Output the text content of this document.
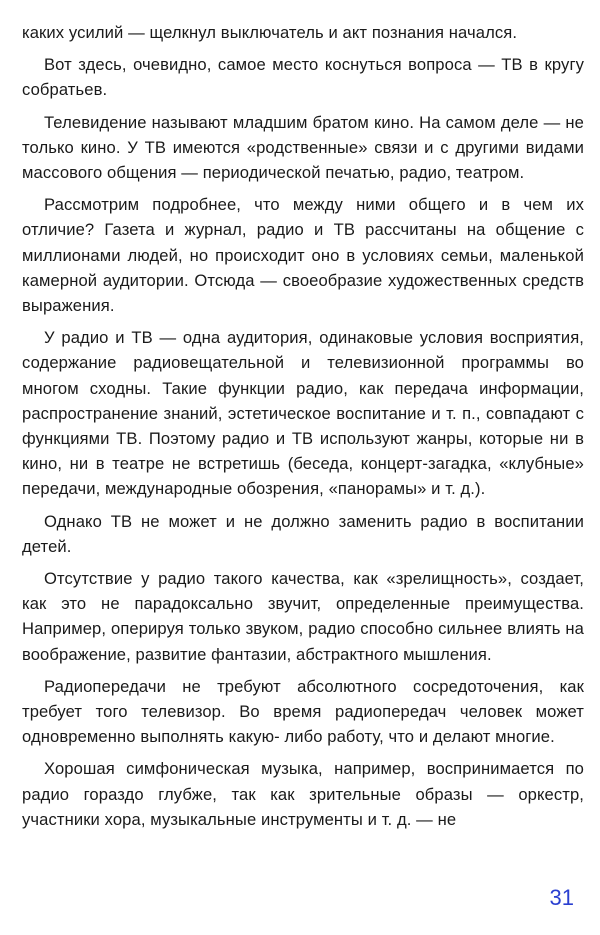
каких усилий — щелкнул выключатель и акт познания начался.

Вот здесь, очевидно, самое место коснуться вопроса — ТВ в кругу собратьев.

Телевидение называют младшим братом кино. На самом деле — не только кино. У ТВ имеются «родственные» связи и с другими видами массового общения — периодической печатью, радио, театром.

Рассмотрим подробнее, что между ними общего и в чем их отличие? Газета и журнал, радио и ТВ рассчитаны на общение с миллионами людей, но происходит оно в условиях семьи, маленькой камерной аудитории. Отсюда — своеобразие художественных средств выражения.

У радио и ТВ — одна аудитория, одинаковые условия восприятия, содержание радиовещательной и телевизионной программы во многом сходны. Такие функции радио, как передача информации, распространение знаний, эстетическое воспитание и т. п., совпадают с функциями ТВ. Поэтому радио и ТВ используют жанры, которые ни в кино, ни в театре не встретишь (беседа, концерт-загадка, «клубные» передачи, международные обозрения, «панорамы» и т. д.).

Однако ТВ не может и не должно заменить радио в воспитании детей.

Отсутствие у радио такого качества, как «зрелищность», создает, как это не парадоксально звучит, определенные преимущества. Например, оперируя только звуком, радио способно сильнее влиять на воображение, развитие фантазии, абстрактного мышления.

Радиопередачи не требуют абсолютного сосредоточения, как требует того телевизор. Во время радиопередач человек может одновременно выполнять какую- либо работу, что и делают многие.

Хорошая симфоническая музыка, например, воспринимается по радио гораздо глубже, так как зрительные образы — оркестр, участники хора, музыкальные инструменты и т. д. — не

31
